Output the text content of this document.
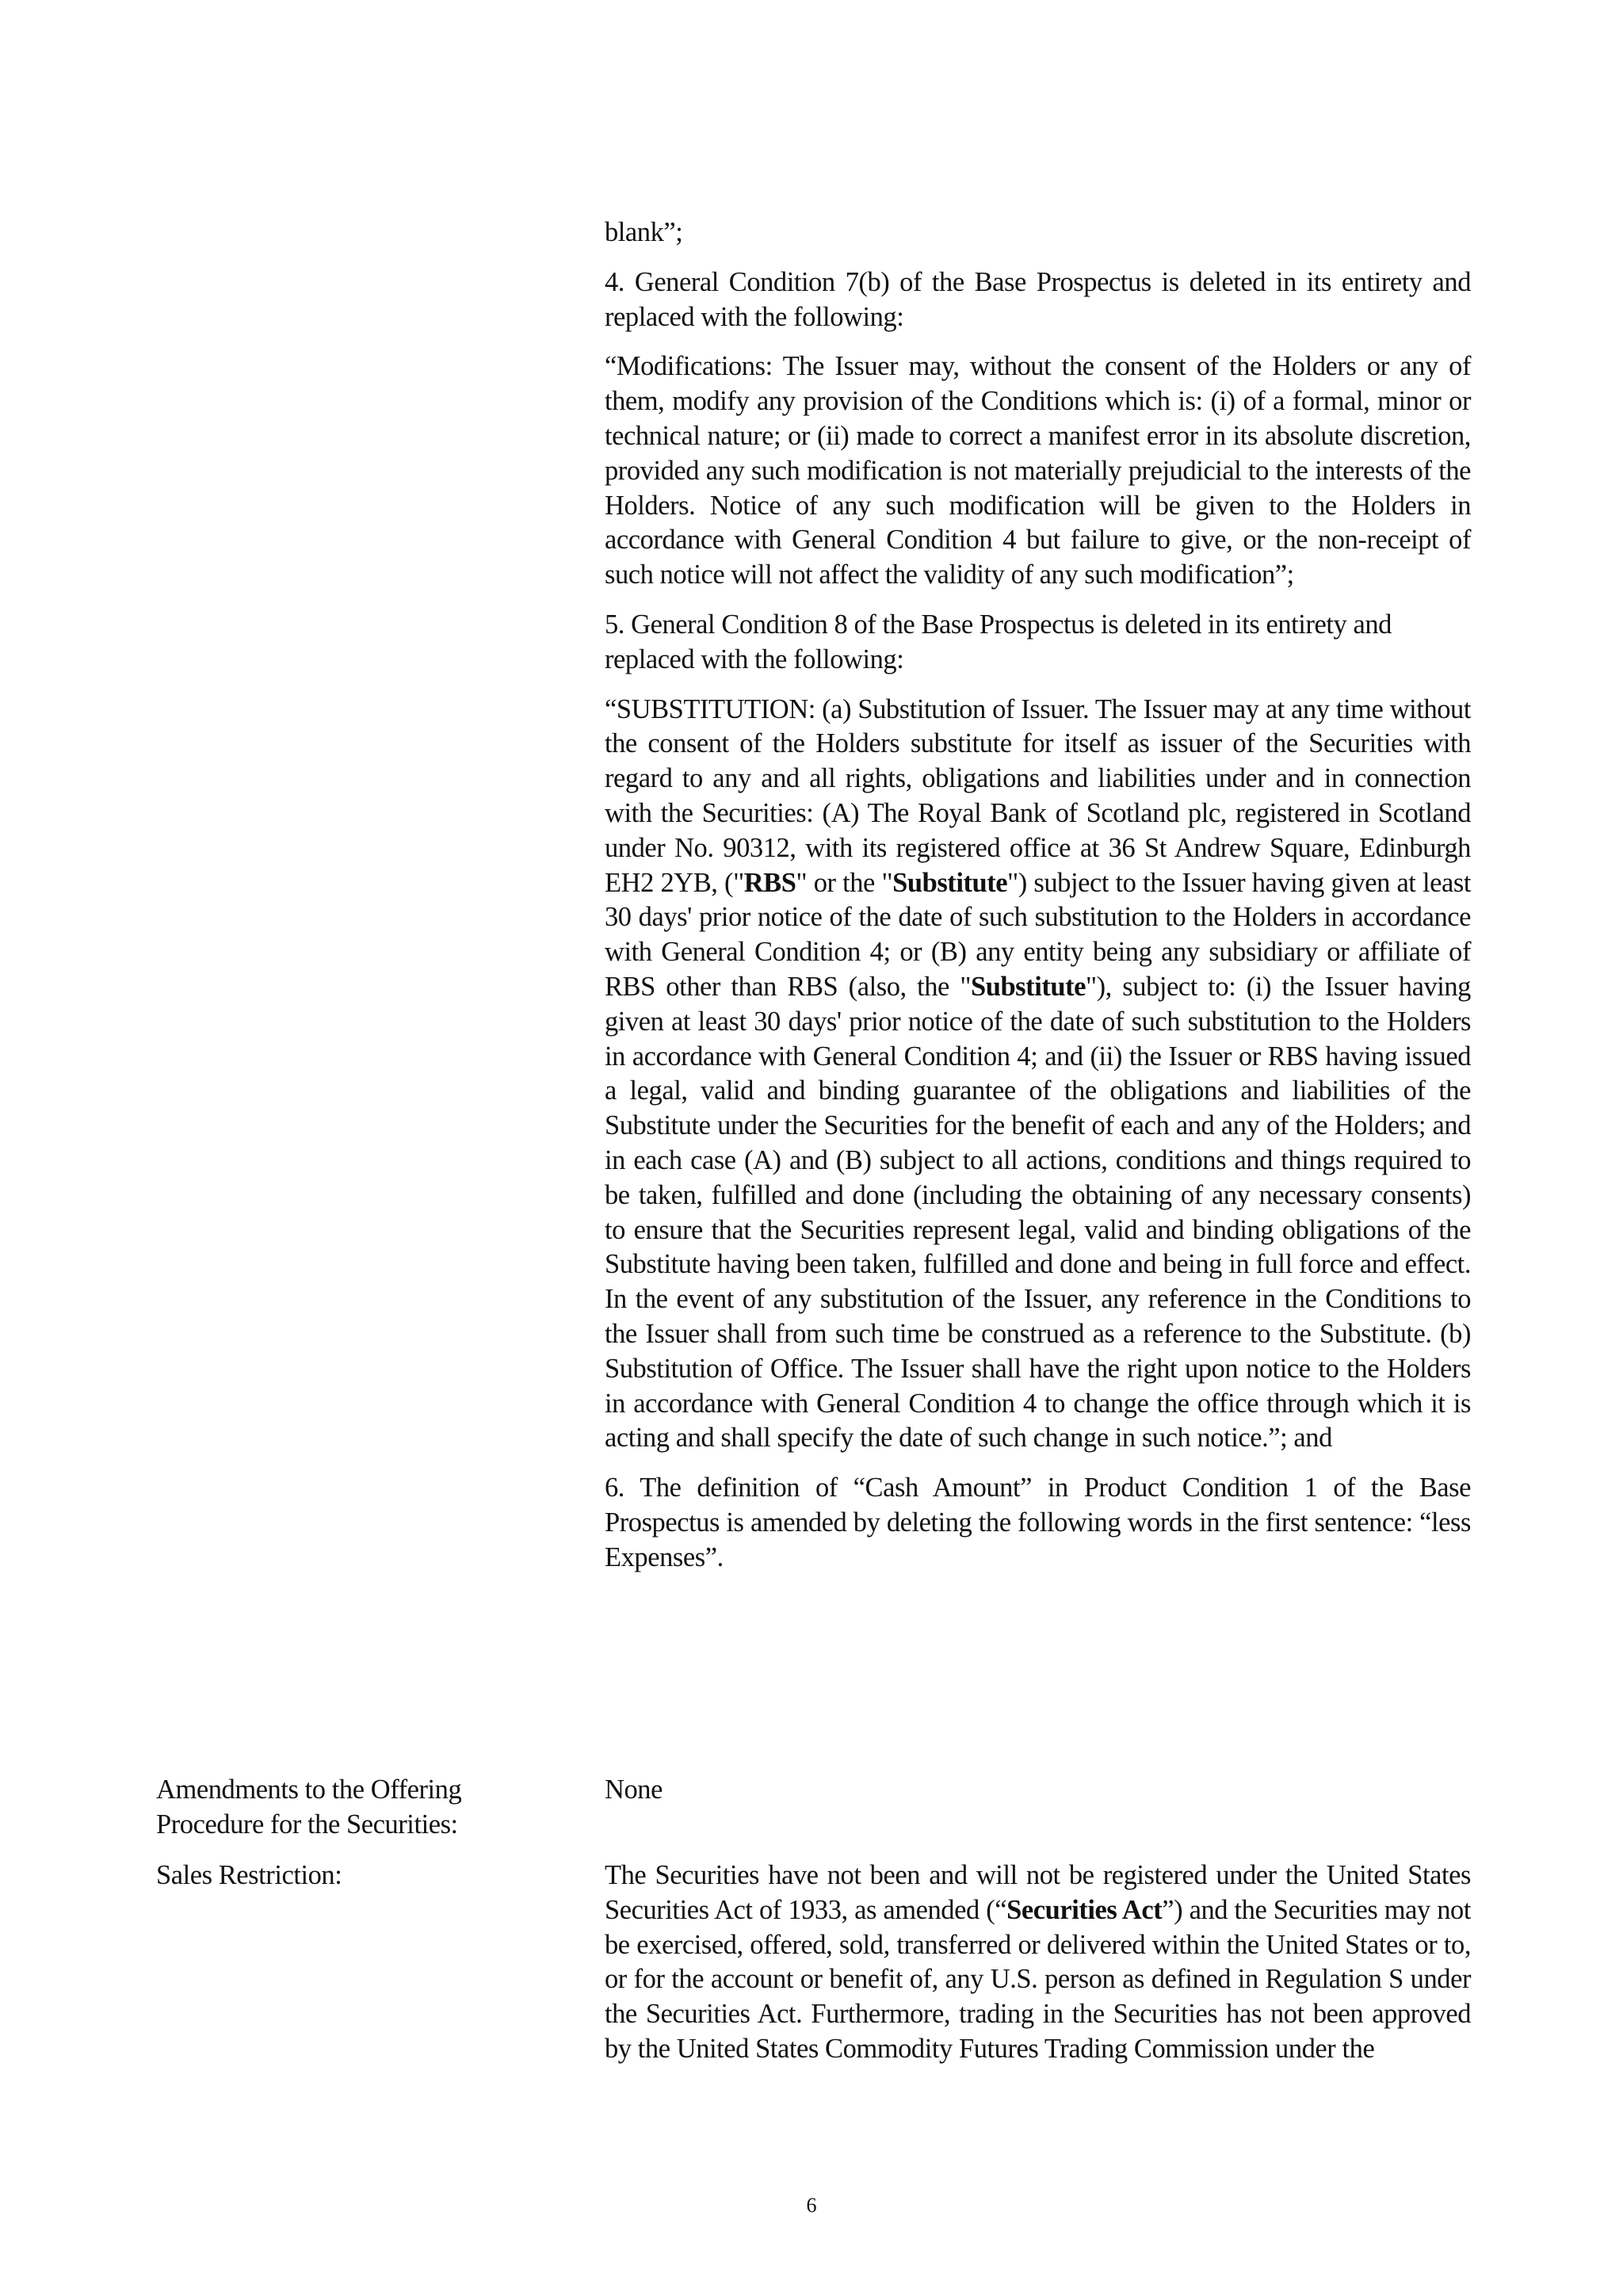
blank”;

4. General Condition 7(b) of the Base Prospectus is deleted in its entirety and replaced with the following:

“Modifications: The Issuer may, without the consent of the Holders or any of them, modify any provision of the Conditions which is: (i) of a formal, minor or technical nature; or (ii) made to correct a manifest error in its absolute discretion, provided any such modification is not materially prejudicial to the interests of the Holders. Notice of any such modification will be given to the Holders in accordance with General Condition 4 but failure to give, or the non-receipt of such notice will not affect the validity of any such modification”;

5. General Condition 8 of the Base Prospectus is deleted in its entirety and replaced with the following:

“SUBSTITUTION: (a) Substitution of Issuer. The Issuer may at any time without the consent of the Holders substitute for itself as issuer of the Securities with regard to any and all rights, obligations and liabilities under and in connection with the Securities: (A) The Royal Bank of Scotland plc, registered in Scotland under No. 90312, with its registered office at 36 St Andrew Square, Edinburgh EH2 2YB, ("RBS" or the "Substitute") subject to the Issuer having given at least 30 days' prior notice of the date of such substitution to the Holders in accordance with General Condition 4; or (B) any entity being any subsidiary or affiliate of RBS other than RBS (also, the "Substitute"), subject to: (i) the Issuer having given at least 30 days' prior notice of the date of such substitution to the Holders in accordance with General Condition 4; and (ii) the Issuer or RBS having issued a legal, valid and binding guarantee of the obligations and liabilities of the Substitute under the Securities for the benefit of each and any of the Holders; and in each case (A) and (B) subject to all actions, conditions and things required to be taken, fulfilled and done (including the obtaining of any necessary consents) to ensure that the Securities represent legal, valid and binding obligations of the Substitute having been taken, fulfilled and done and being in full force and effect. In the event of any substitution of the Issuer, any reference in the Conditions to the Issuer shall from such time be construed as a reference to the Substitute. (b) Substitution of Office. The Issuer shall have the right upon notice to the Holders in accordance with General Condition 4 to change the office through which it is acting and shall specify the date of such change in such notice.”; and

6. The definition of “Cash Amount” in Product Condition 1 of the Base Prospectus is amended by deleting the following words in the first sentence: “less Expenses”.

Amendments to the Offering Procedure for the Securities:

None

Sales Restriction:	The Securities have not been and will not be registered under the United States Securities Act of 1933, as amended (“Securities Act”) and the Securities may not be exercised, offered, sold, transferred or delivered within the United States or to, or for the account or benefit of, any U.S. person as defined in Regulation S under the Securities Act. Furthermore, trading in the Securities has not been approved by the United States Commodity Futures Trading Commission under the

6
